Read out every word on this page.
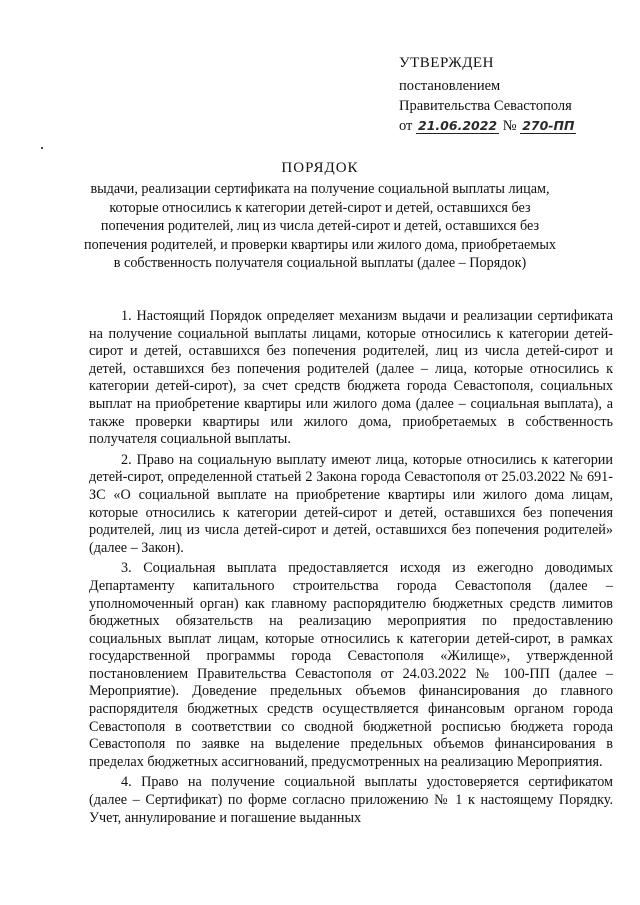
УТВЕРЖДЕН
постановлением
Правительства Севастополя
от 21.06.2022 № 270-ПП
ПОРЯДОК
выдачи, реализации сертификата на получение социальной выплаты лицам, которые относились к категории детей-сирот и детей, оставшихся без попечения родителей, лиц из числа детей-сирот и детей, оставшихся без попечения родителей, и проверки квартиры или жилого дома, приобретаемых в собственность получателя социальной выплаты (далее – Порядок)

1. Настоящий Порядок определяет механизм выдачи и реализации сертификата на получение социальной выплаты лицами, которые относились к категории детей-сирот и детей, оставшихся без попечения родителей, лиц из числа детей-сирот и детей, оставшихся без попечения родителей (далее – лица, которые относились к категории детей-сирот), за счет средств бюджета города Севастополя, социальных выплат на приобретение квартиры или жилого дома (далее – социальная выплата), а также проверки квартиры или жилого дома, приобретаемых в собственность получателя социальной выплаты.

2. Право на социальную выплату имеют лица, которые относились к категории детей-сирот, определенной статьей 2 Закона города Севастополя от 25.03.2022 № 691-ЗС «О социальной выплате на приобретение квартиры или жилого дома лицам, которые относились к категории детей-сирот и детей, оставшихся без попечения родителей, лиц из числа детей-сирот и детей, оставшихся без попечения родителей» (далее – Закон).

3. Социальная выплата предоставляется исходя из ежегодно доводимых Департаменту капитального строительства города Севастополя (далее – уполномоченный орган) как главному распорядителю бюджетных средств лимитов бюджетных обязательств на реализацию мероприятия по предоставлению социальных выплат лицам, которые относились к категории детей-сирот, в рамках государственной программы города Севастополя «Жилище», утвержденной постановлением Правительства Севастополя от 24.03.2022 № 100-ПП (далее – Мероприятие). Доведение предельных объемов финансирования до главного распорядителя бюджетных средств осуществляется финансовым органом города Севастополя в соответствии со сводной бюджетной росписью бюджета города Севастополя по заявке на выделение предельных объемов финансирования в пределах бюджетных ассигнований, предусмотренных на реализацию Мероприятия.

4. Право на получение социальной выплаты удостоверяется сертификатом (далее – Сертификат) по форме согласно приложению № 1 к настоящему Порядку. Учет, аннулирование и погашение выданных
